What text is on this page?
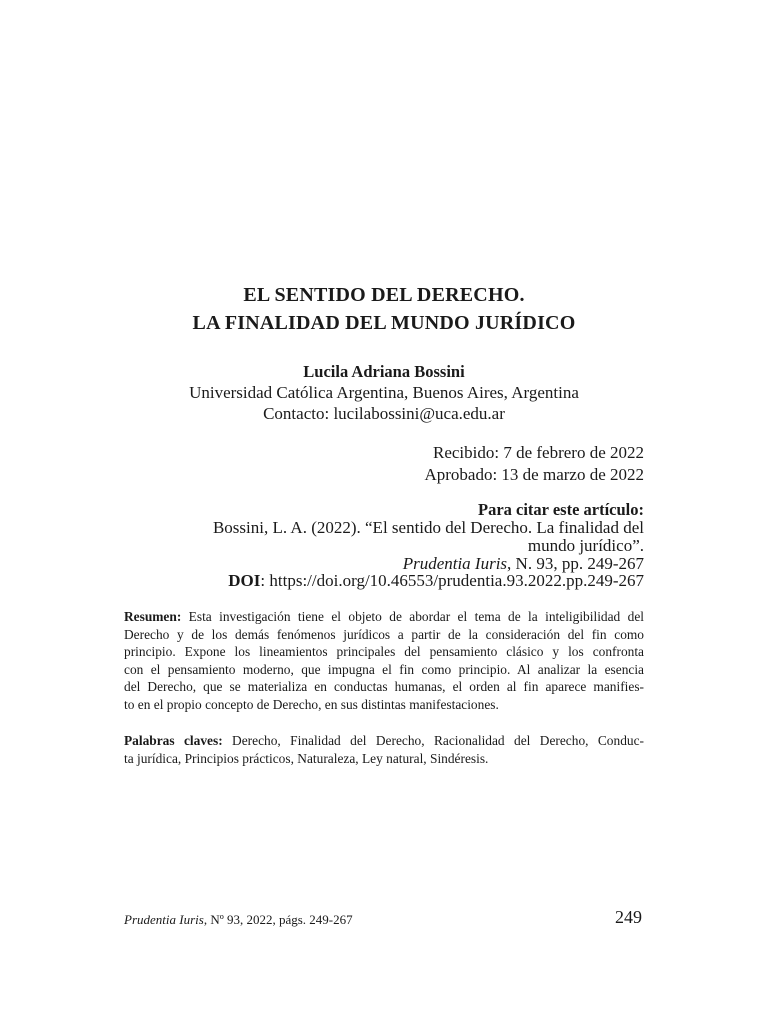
EL SENTIDO DEL DERECHO.
LA FINALIDAD DEL MUNDO JURÍDICO
Lucila Adriana Bossini
Universidad Católica Argentina, Buenos Aires, Argentina
Contacto: lucilabossini@uca.edu.ar
Recibido: 7 de febrero de 2022
Aprobado: 13 de marzo de 2022
Para citar este artículo:
Bossini, L. A. (2022). “El sentido del Derecho. La finalidad del
mundo jurídico”.
Prudentia Iuris, N. 93, pp. 249-267
DOI: https://doi.org/10.46553/prudentia.93.2022.pp.249-267
Resumen: Esta investigación tiene el objeto de abordar el tema de la inteligibilidad del
Derecho y de los demás fenómenos jurídicos a partir de la consideración del fin como
principio. Expone los lineamientos principales del pensamiento clásico y los confronta
con el pensamiento moderno, que impugna el fin como principio. Al analizar la esencia
del Derecho, que se materializa en conductas humanas, el orden al fin aparece manifies-
to en el propio concepto de Derecho, en sus distintas manifestaciones.
Palabras claves: Derecho, Finalidad del Derecho, Racionalidad del Derecho, Conduc-
ta jurídica, Principios prácticos, Naturaleza, Ley natural, Sindéresis.
Prudentia Iuris, Nº 93, 2022, págs. 249-267	249
